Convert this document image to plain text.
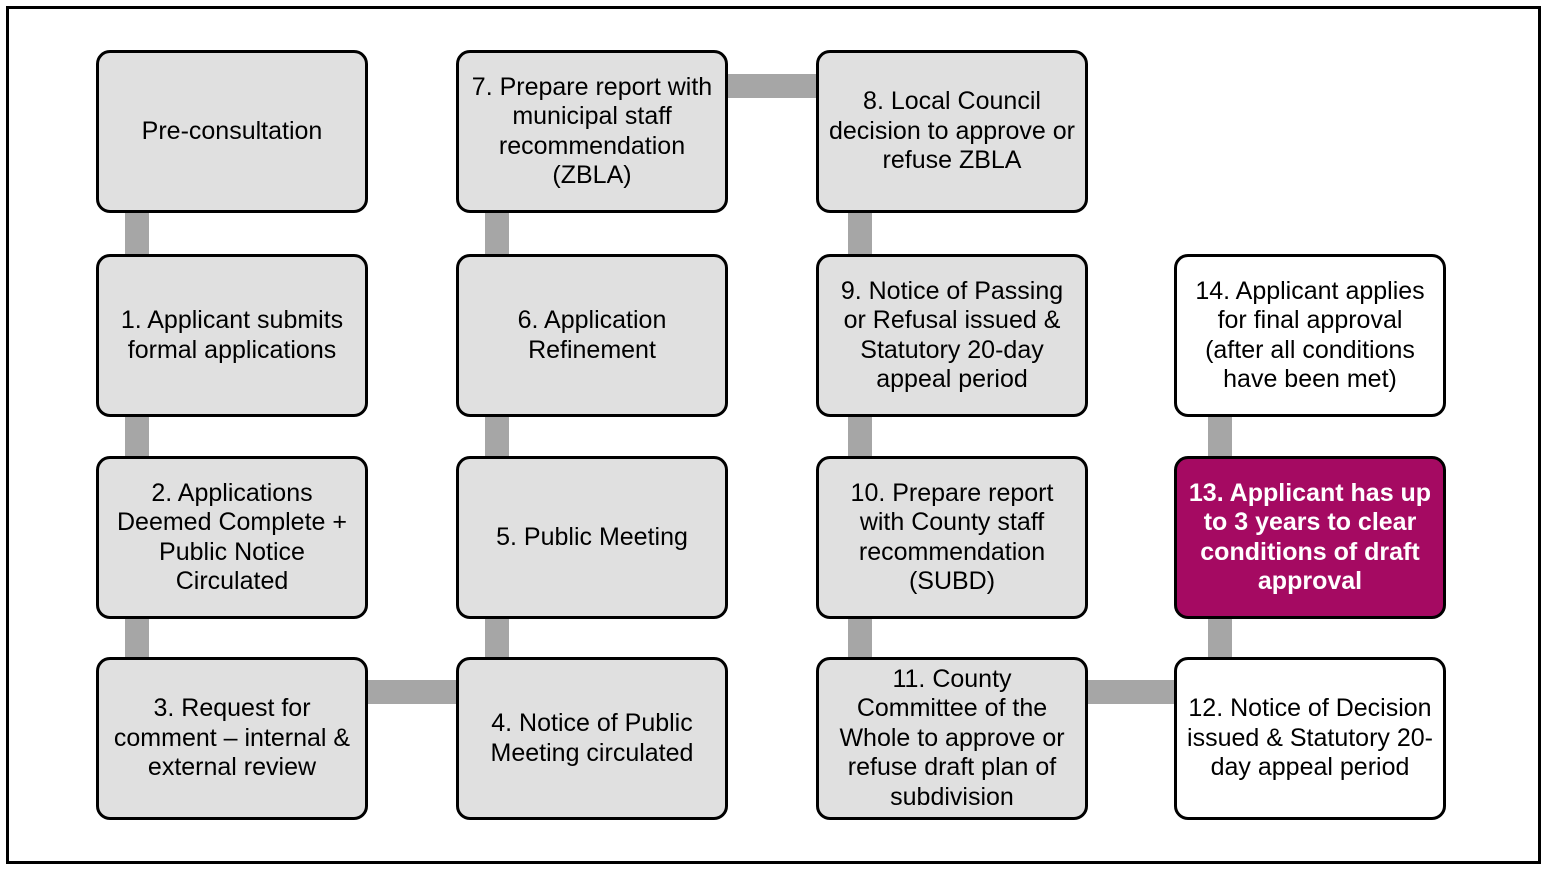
Pre-consultation
1. Applicant submits formal applications
2. Applications Deemed Complete + Public Notice Circulated
3. Request for comment – internal & external review
7. Prepare report with municipal staff recommendation (ZBLA)
6. Application Refinement
5. Public Meeting
4. Notice of Public Meeting circulated
8. Local Council decision to approve or refuse ZBLA
9. Notice of Passing or Refusal issued & Statutory 20-day appeal period
10. Prepare report with County staff recommendation (SUBD)
11. County Committee of the Whole to approve or refuse draft plan of subdivision
14. Applicant applies for final approval (after all conditions have been met)
13. Applicant has up to 3 years to clear conditions of draft approval
12. Notice of Decision issued & Statutory 20-day appeal period
